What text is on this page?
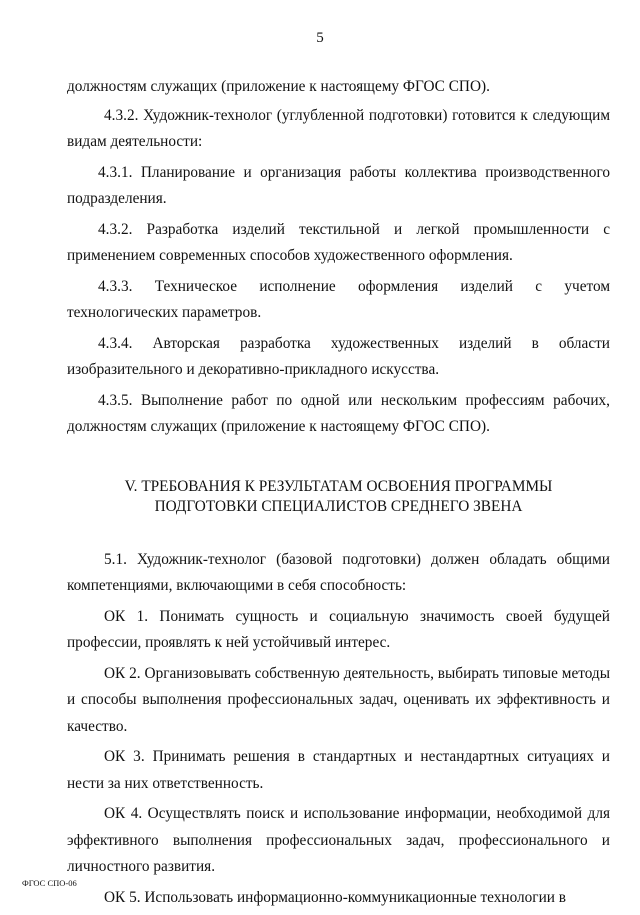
5

должностям служащих (приложение к настоящему ФГОС СПО).

4.3.2. Художник-технолог (углубленной подготовки) готовится к следующим видам деятельности:

4.3.1. Планирование и организация работы коллектива производственного подразделения.

4.3.2. Разработка изделий текстильной и легкой промышленности с применением современных способов художественного оформления.

4.3.3. Техническое исполнение оформления изделий с учетом технологических параметров.

4.3.4. Авторская разработка художественных изделий в области изобразительного и декоративно-прикладного искусства.

4.3.5. Выполнение работ по одной или нескольким профессиям рабочих, должностям служащих (приложение к настоящему ФГОС СПО).

V. ТРЕБОВАНИЯ К РЕЗУЛЬТАТАМ ОСВОЕНИЯ ПРОГРАММЫ
ПОДГОТОВКИ СПЕЦИАЛИСТОВ СРЕДНЕГО ЗВЕНА

5.1. Художник-технолог (базовой подготовки) должен обладать общими компетенциями, включающими в себя способность:

ОК 1. Понимать сущность и социальную значимость своей будущей профессии, проявлять к ней устойчивый интерес.

ОК 2. Организовывать собственную деятельность, выбирать типовые методы и способы выполнения профессиональных задач, оценивать их эффективность и качество.

ОК 3. Принимать решения в стандартных и нестандартных ситуациях и нести за них ответственность.

ОК 4. Осуществлять поиск и использование информации, необходимой для эффективного выполнения профессиональных задач, профессионального и личностного развития.

ОК 5. Использовать информационно-коммуникационные технологии в

ФГОС СПО-06
